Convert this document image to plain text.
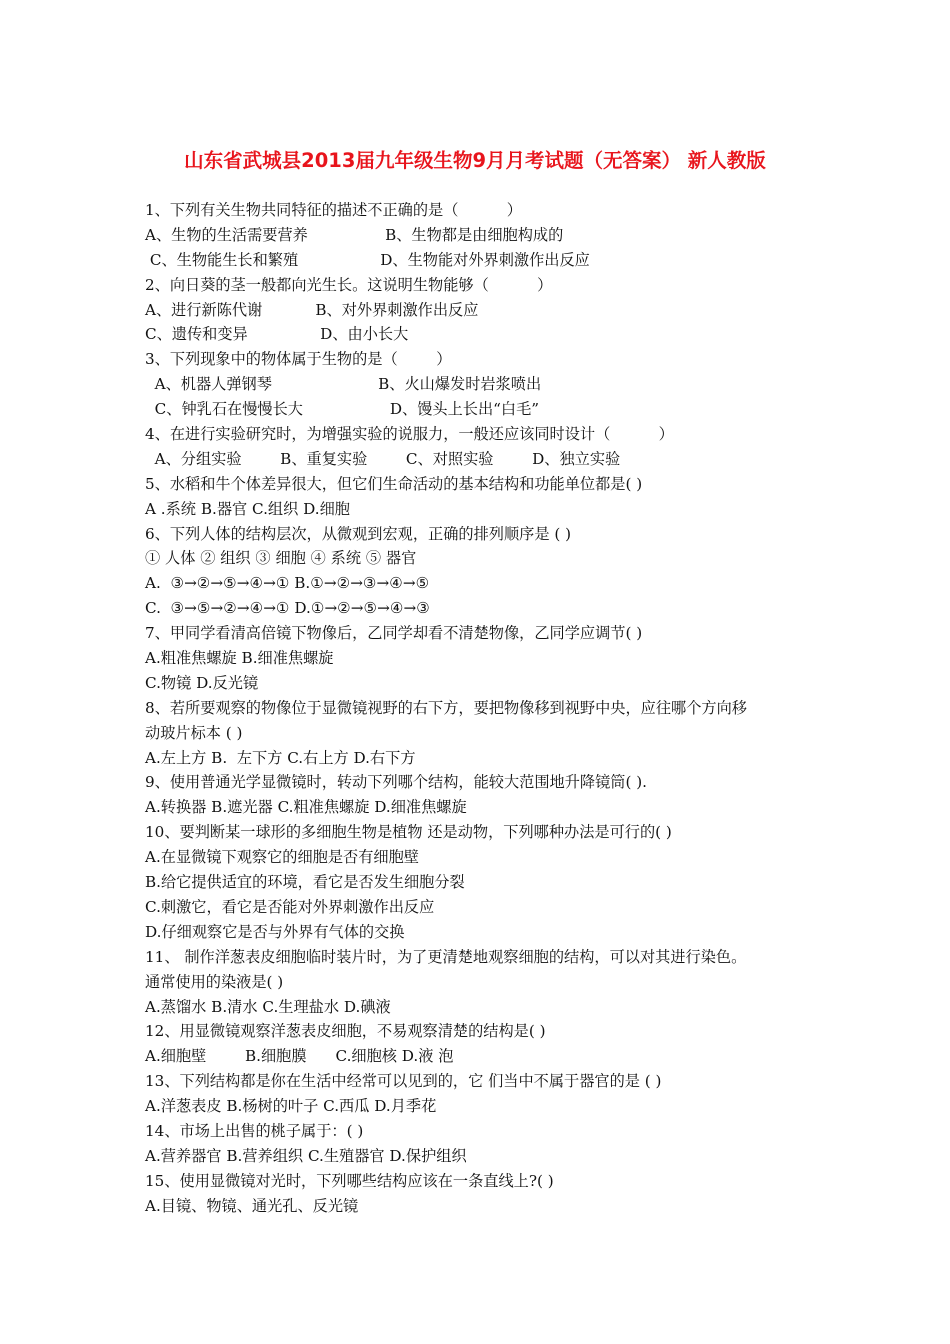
山东省武城县2013届九年级生物9月月考试题（无答案） 新人教版
1、下列有关生物共同特征的描述不正确的是（          ）
A、生物的生活需要营养                B、生物都是由细胞构成的
C、生物能生长和繁殖                 D、生物能对外界刺激作出反应
2、向日葵的茎一般都向光生长。这说明生物能够（          ）
A、进行新陈代谢           B、对外界刺激作出反应
C、遗传和变异               D、由小长大
3、下列现象中的物体属于生物的是（        ）
A、机器人弹钢琴                      B、火山爆发时岩浆喷出
C、钟乳石在慢慢长大                  D、馒头上长出“白毛”
4、在进行实验研究时，为增强实验的说服力，一般还应该同时设计（          ）
A、分组实验        B、重复实验        C、对照实验        D、独立实验
5、水稻和牛个体差异很大，但它们生命活动的基本结构和功能单位都是( )
A .系统 B.器官 C.组织 D.细胞
6、下列人体的结构层次，从微观到宏观，正确的排列顺序是 ( )
① 人体 ② 组织 ③ 细胞 ④ 系统 ⑤ 器官
A.  ③→②→⑤→④→① B.①→②→③→④→⑤
C.  ③→⑤→②→④→① D.①→②→⑤→④→③
7、甲同学看清高倍镜下物像后，乙同学却看不清楚物像，乙同学应调节( )
A.粗准焦螺旋 B.细准焦螺旋
C.物镜 D.反光镜
8、若所要观察的物像位于显微镜视野的右下方，要把物像移到视野中央，应往哪个方向移
动玻片标本 ( )
A.左上方 B.  左下方 C.右上方 D.右下方
9、使用普通光学显微镜时，转动下列哪个结构，能较大范围地升降镜筒( ).
A.转换器 B.遮光器 C.粗准焦螺旋 D.细准焦螺旋
10、要判断某一球形的多细胞生物是植物 还是动物，下列哪种办法是可行的( )
A.在显微镜下观察它的细胞是否有细胞壁
B.给它提供适宜的环境，看它是否发生细胞分裂
C.刺激它，看它是否能对外界刺激作出反应
D.仔细观察它是否与外界有气体的交换
11、 制作洋葱表皮细胞临时装片时，为了更清楚地观察细胞的结构，可以对其进行染色。
通常使用的染液是( )
A.蒸馏水 B.清水 C.生理盐水 D.碘液
12、用显微镜观察洋葱表皮细胞，不易观察清楚的结构是( )
A.细胞壁        B.细胞膜      C.细胞核 D.液 泡
13、下列结构都是你在生活中经常可以见到的，它 们当中不属于器官的是 ( )
A.洋葱表皮 B.杨树的叶子 C.西瓜 D.月季花
14、市场上出售的桃子属于：( )
A.营养器官 B.营养组织 C.生殖器官 D.保护组织
15、使用显微镜对光时，下列哪些结构应该在一条直线上?( )
A.目镜、物镜、通光孔、反光镜
